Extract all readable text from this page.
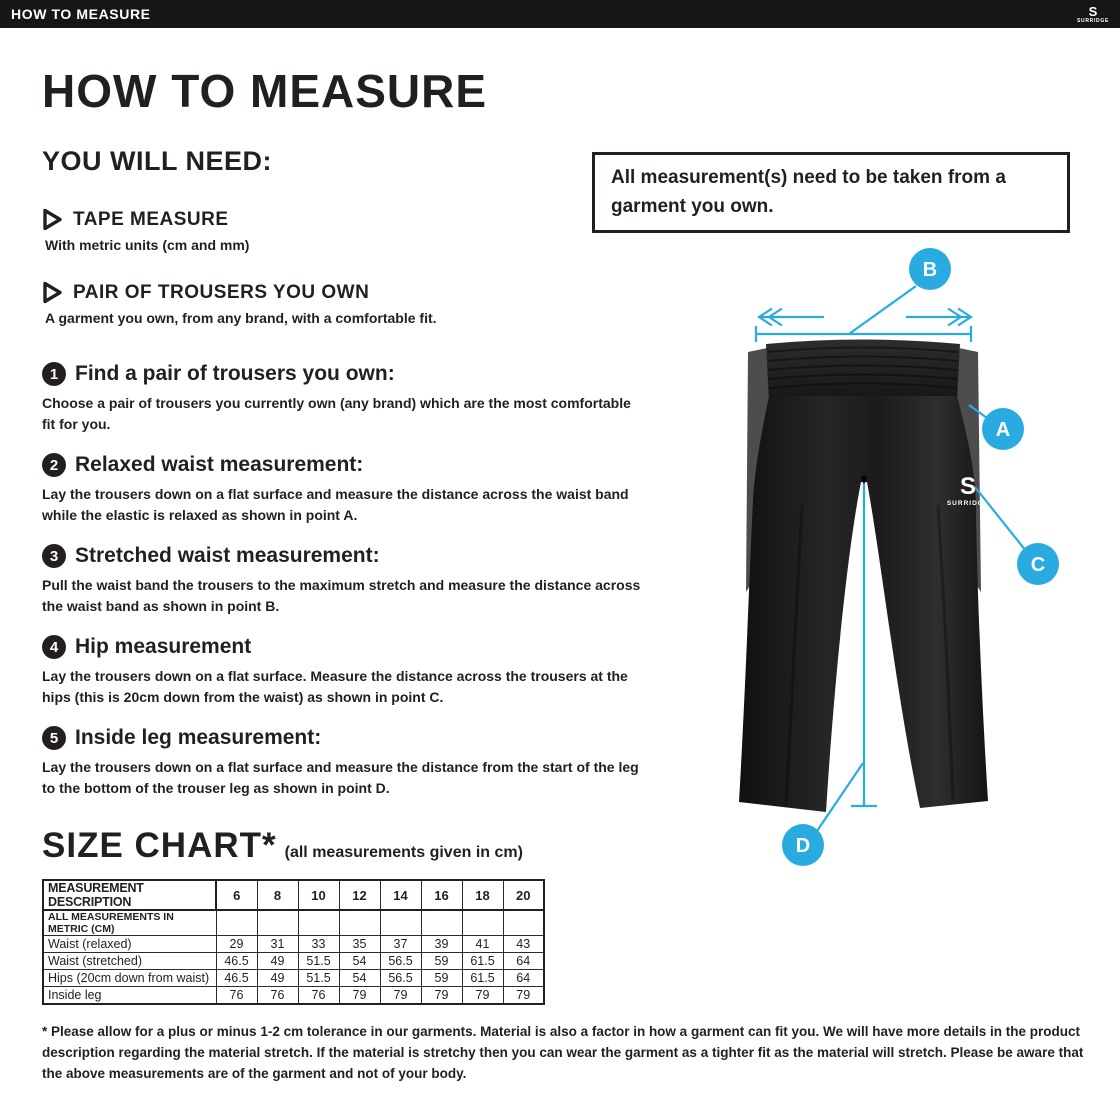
HOW TO MEASURE	S
SURRIDGE
HOW TO MEASURE
YOU WILL NEED:
TAPE MEASURE
With metric units (cm and mm)
PAIR OF TROUSERS YOU OWN
A garment you own, from any brand, with a comfortable fit.
All measurement(s) need to be taken from a garment you own.
1 Find a pair of trousers you own:
Choose a pair of trousers you currently own (any brand) which are the most comfortable fit for you.
2 Relaxed waist measurement:
Lay the trousers down on a flat surface and measure the distance across the waist band while the elastic is relaxed as shown in point A.
3 Stretched waist measurement:
Pull the waist band the trousers to the maximum stretch and measure the distance across the waist band as shown in point B.
4 Hip measurement
Lay the trousers down on a flat surface. Measure the distance across the trousers at the hips (this is 20cm down from the waist) as shown in point C.
5 Inside leg measurement:
Lay the trousers down on a flat surface and measure the distance from the start of the leg to the bottom of the trouser leg as shown in point D.
S
SURRIDGE
B
A
C
D
SIZE CHART* (all measurements given in cm)
MEASUREMENT DESCRIPTION	6	8	10	12	14	16	18	20
ALL MEASUREMENTS IN METRIC (CM)								
Waist (relaxed)	29	31	33	35	37	39	41	43
Waist (stretched)	46.5	49	51.5	54	56.5	59	61.5	64
Hips (20cm down from waist)	46.5	49	51.5	54	56.5	59	61.5	64
Inside leg	76	76	76	79	79	79	79	79
* Please allow for a plus or minus 1-2 cm tolerance in our garments. Material is also a factor in how a garment can fit you. We will have more details in the product description regarding the material stretch. If the material is stretchy then you can wear the garment as a tighter fit as the material will stretch. Please be aware that the above measurements are of the garment and not of your body.
